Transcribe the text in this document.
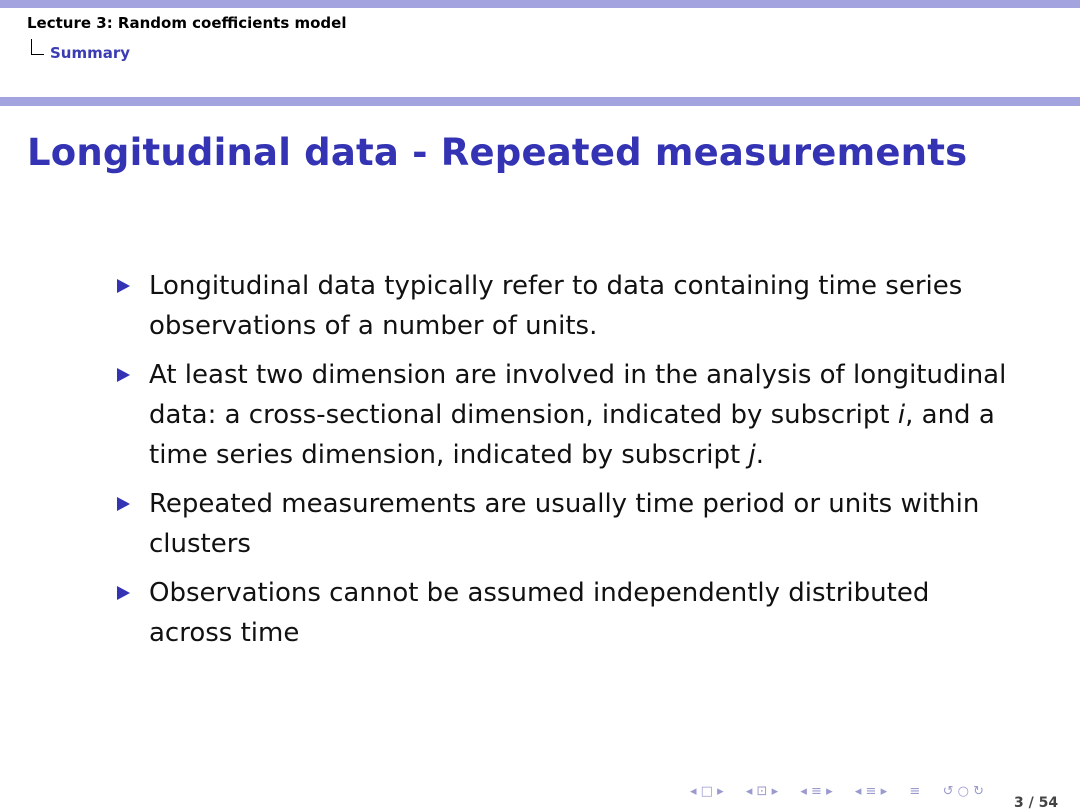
Lecture 3: Random coefficients model
Summary
Longitudinal data - Repeated measurements
Longitudinal data typically refer to data containing time series observations of a number of units.
At least two dimension are involved in the analysis of longitudinal data: a cross-sectional dimension, indicated by subscript i, and a time series dimension, indicated by subscript j.
Repeated measurements are usually time period or units within clusters
Observations cannot be assumed independently distributed across time
◂ □ ▸ ◂ ⊡ ▸ ◂ ≡ ▸ ◂ ≡ ▸ ≡ ↺ ○ ↻
3 / 54
